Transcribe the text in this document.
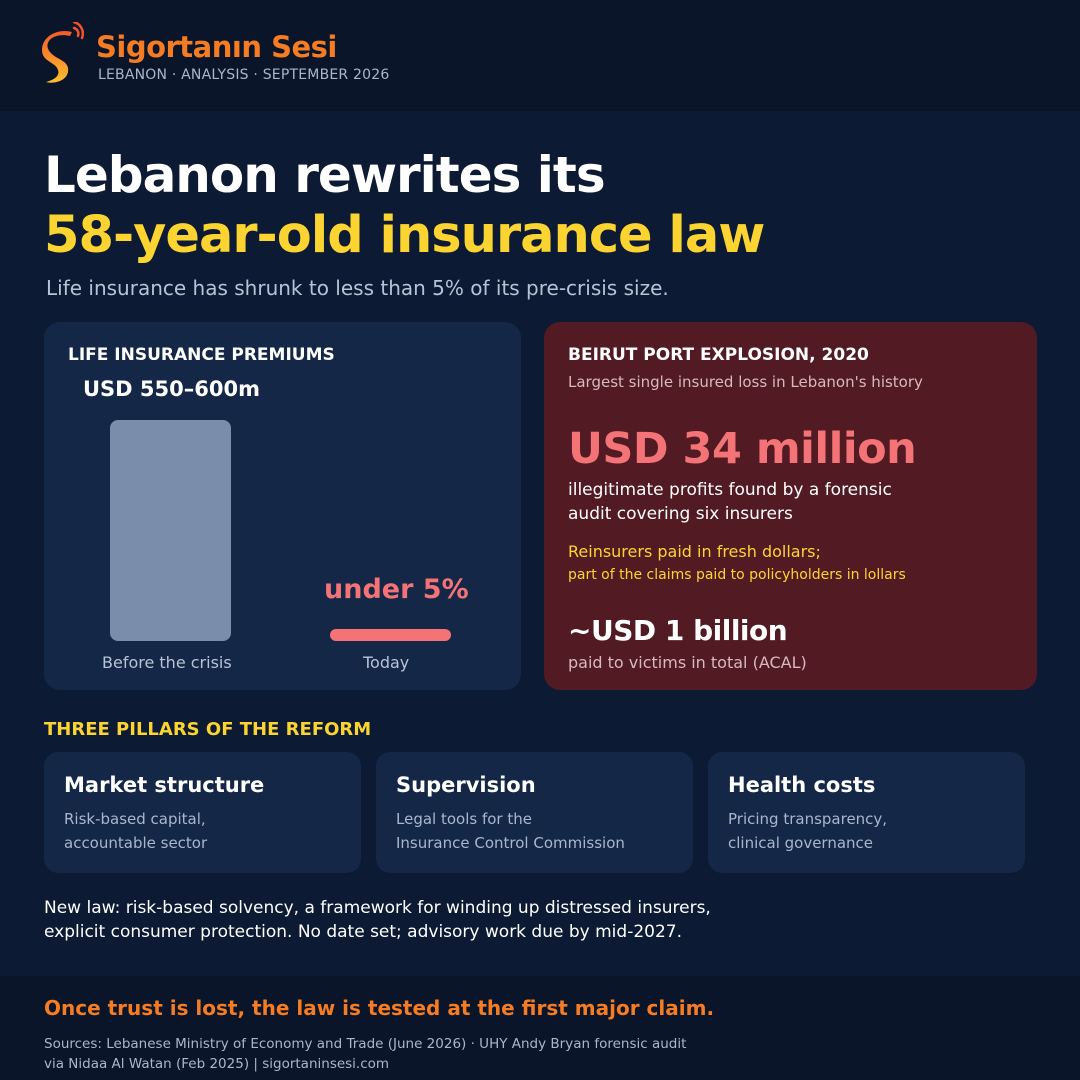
Sigortanın Sesi
LEBANON · ANALYSIS · SEPTEMBER 2026
Lebanon rewrites its
58-year-old insurance law
Life insurance has shrunk to less than 5% of its pre-crisis size.
LIFE INSURANCE PREMIUMS
USD 550–600m
under 5%
Before the crisis	Today
BEIRUT PORT EXPLOSION, 2020
Largest single insured loss in Lebanon's history
USD 34 million
illegitimate profits found by a forensic
audit covering six insurers
Reinsurers paid in fresh dollars;
part of the claims paid to policyholders in lollars
~USD 1 billion
paid to victims in total (ACAL)
THREE PILLARS OF THE REFORM
Market structure
Risk-based capital,
accountable sector
Supervision
Legal tools for the
Insurance Control Commission
Health costs
Pricing transparency,
clinical governance
New law: risk-based solvency, a framework for winding up distressed insurers,
explicit consumer protection. No date set; advisory work due by mid-2027.
Once trust is lost, the law is tested at the first major claim.
Sources: Lebanese Ministry of Economy and Trade (June 2026) · UHY Andy Bryan forensic audit
via Nidaa Al Watan (Feb 2025) | sigortaninsesi.com
